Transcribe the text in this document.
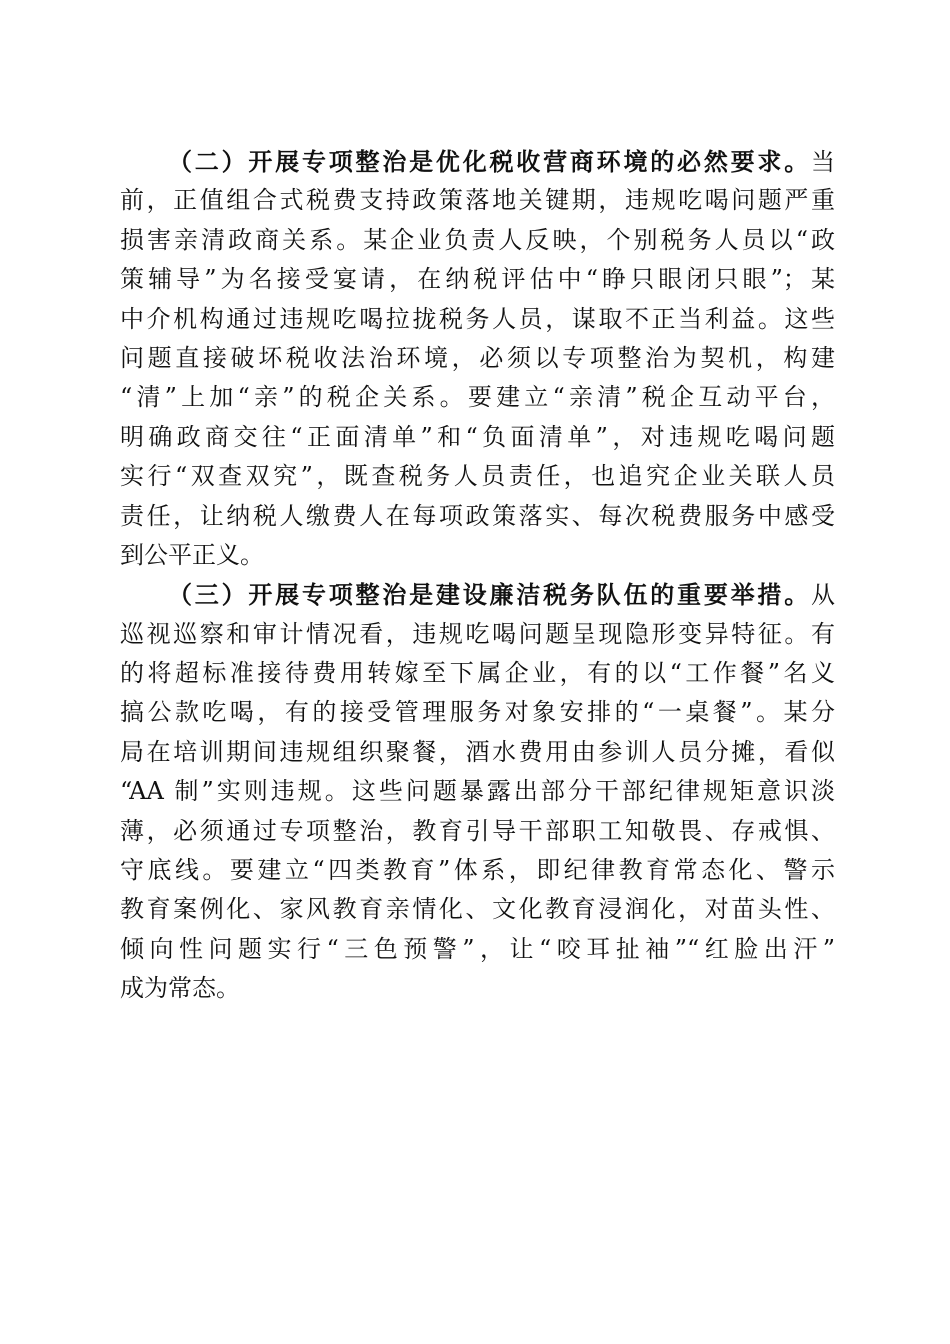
（二）开展专项整治是优化税收营商环境的必然要求。当
前，正值组合式税费支持政策落地关键期，违规吃喝问题严重
损害亲清政商关系。某企业负责人反映，个别税务人员以“政
策辅导”为名接受宴请，在纳税评估中“睁只眼闭只眼”；某
中介机构通过违规吃喝拉拢税务人员，谋取不正当利益。这些
问题直接破坏税收法治环境，必须以专项整治为契机，构建
“清”上加“亲”的税企关系。要建立“亲清”税企互动平台，
明确政商交往“正面清单”和“负面清单”，对违规吃喝问题
实行“双查双究”，既查税务人员责任，也追究企业关联人员
责任，让纳税人缴费人在每项政策落实、每次税费服务中感受
到公平正义。
（三）开展专项整治是建设廉洁税务队伍的重要举措。从
巡视巡察和审计情况看，违规吃喝问题呈现隐形变异特征。有
的将超标准接待费用转嫁至下属企业，有的以“工作餐”名义
搞公款吃喝，有的接受管理服务对象安排的“一桌餐”。某分
局在培训期间违规组织聚餐，酒水费用由参训人员分摊，看似
“AA 制”实则违规。这些问题暴露出部分干部纪律规矩意识淡
薄，必须通过专项整治，教育引导干部职工知敬畏、存戒惧、
守底线。要建立“四类教育”体系，即纪律教育常态化、警示
教育案例化、家风教育亲情化、文化教育浸润化，对苗头性、
倾向性问题实行“三色预警”，让“咬耳扯袖”“红脸出汗”
成为常态。
